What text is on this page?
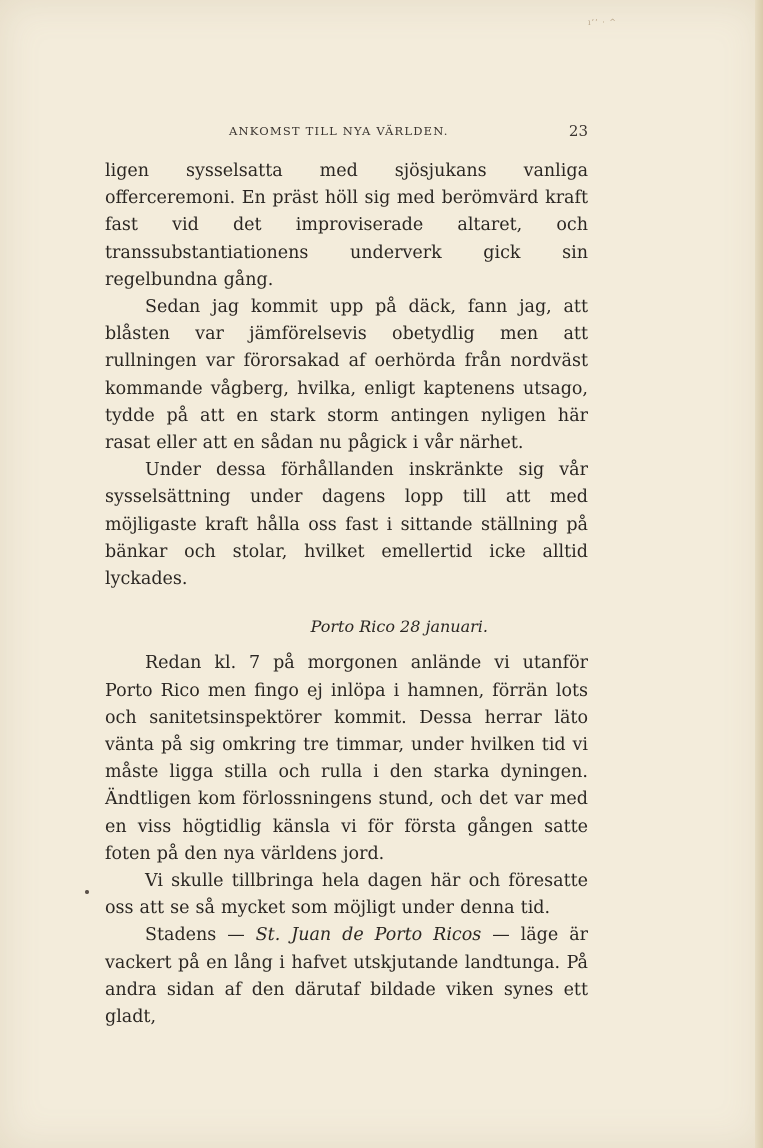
ı’’ · ^
ANKOMST TILL NYA VÄRLDEN.	23

ligen sysselsatta med sjösjukans vanliga offerceremoni. En präst höll sig med berömvärd kraft fast vid det improviserade altaret, och transsubstantiationens underverk gick sin regelbundna gång.

Sedan jag kommit upp på däck, fann jag, att blåsten var jämförelsevis obetydlig men att rullningen var förorsakad af oerhörda från nordväst kommande vågberg, hvilka, enligt kaptenens utsago, tydde på att en stark storm antingen nyligen här rasat eller att en sådan nu pågick i vår närhet.

Under dessa förhållanden inskränkte sig vår sysselsättning under dagens lopp till att med möjligaste kraft hålla oss fast i sittande ställning på bänkar och stolar, hvilket emellertid icke alltid lyckades.

Porto Rico 28 januari.

Redan kl. 7 på morgonen anlände vi utanför Porto Rico men fingo ej inlöpa i hamnen, förrän lots och sanitetsinspektörer kommit. Dessa herrar läto vänta på sig omkring tre timmar, under hvilken tid vi måste ligga stilla och rulla i den starka dyningen. Ändtligen kom förlossningens stund, och det var med en viss högtidlig känsla vi för första gången satte foten på den nya världens jord.

Vi skulle tillbringa hela dagen här och föresatte oss att se så mycket som möjligt under denna tid.

Stadens — St. Juan de Porto Ricos — läge är vackert på en lång i hafvet utskjutande landtunga. På andra sidan af den därutaf bildade viken synes ett gladt,
